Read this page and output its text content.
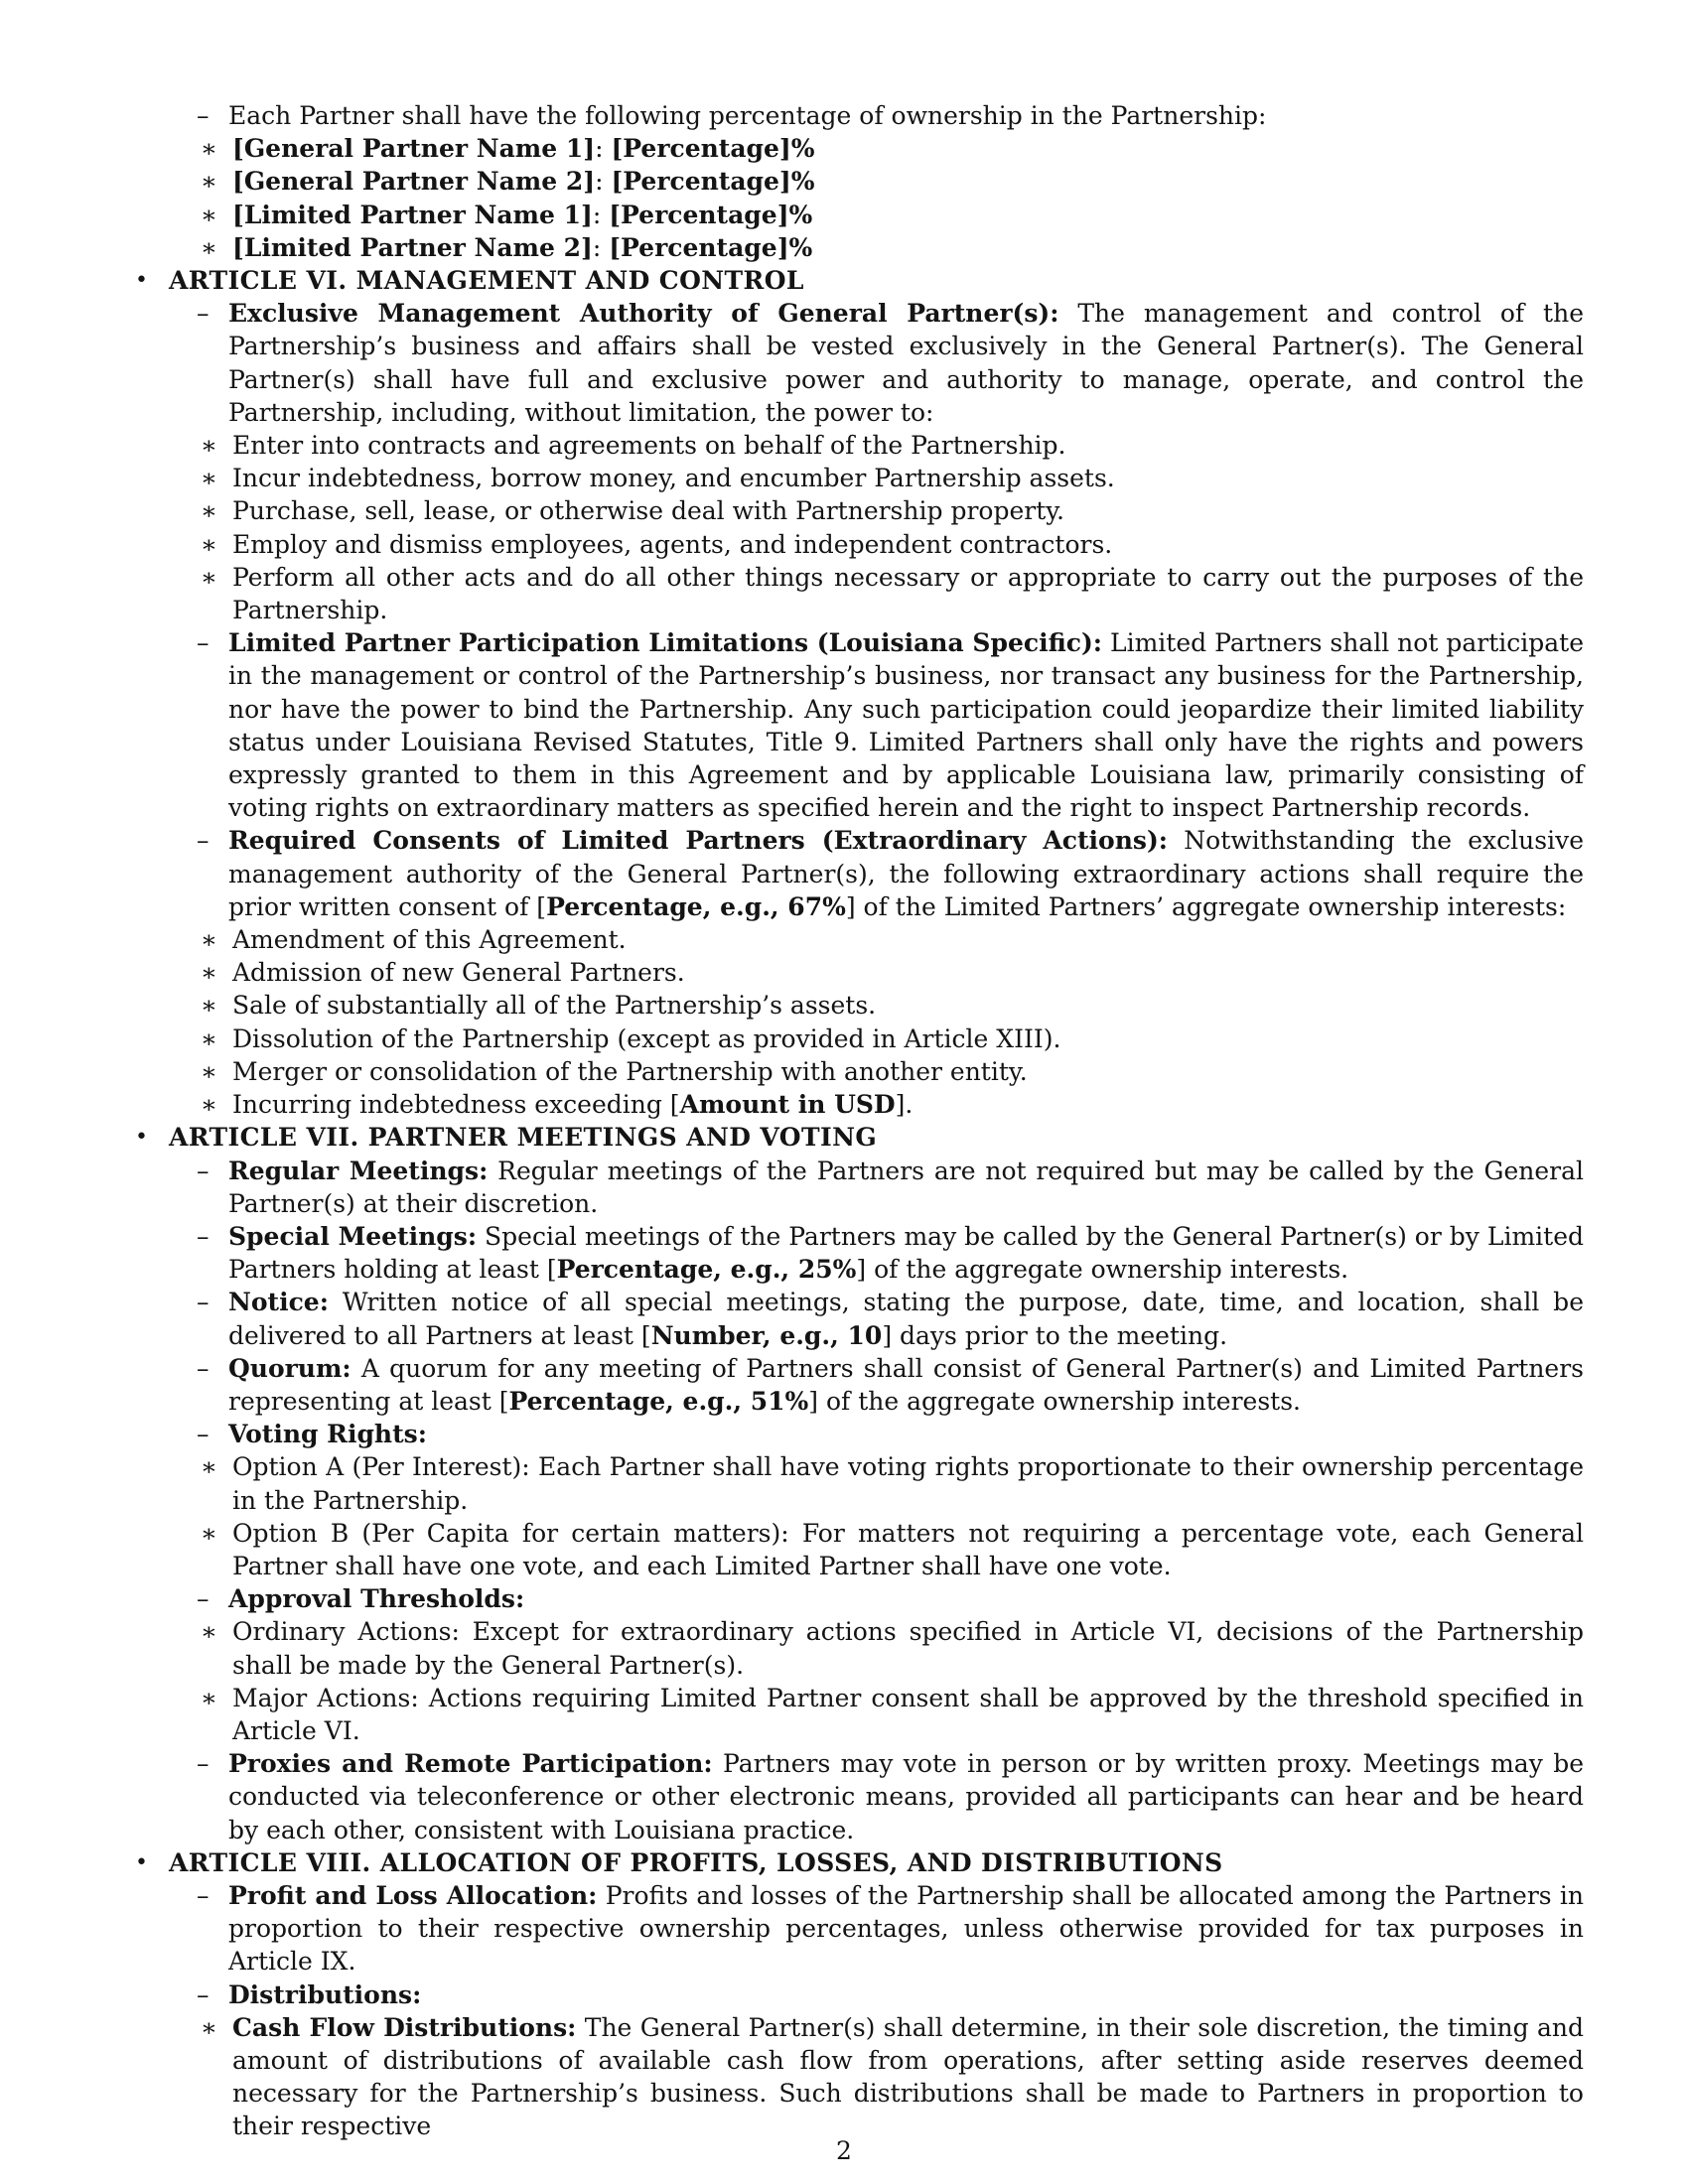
– Each Partner shall have the following percentage of ownership in the Partnership:
∗ [General Partner Name 1]: [Percentage]%
∗ [General Partner Name 2]: [Percentage]%
∗ [Limited Partner Name 1]: [Percentage]%
∗ [Limited Partner Name 2]: [Percentage]%
• ARTICLE VI. MANAGEMENT AND CONTROL
– Exclusive Management Authority of General Partner(s): The management and control of the Partnership’s business and affairs shall be vested exclusively in the General Partner(s). The General Partner(s) shall have full and exclusive power and authority to manage, operate, and control the Partnership, including, without limitation, the power to:
∗ Enter into contracts and agreements on behalf of the Partnership.
∗ Incur indebtedness, borrow money, and encumber Partnership assets.
∗ Purchase, sell, lease, or otherwise deal with Partnership property.
∗ Employ and dismiss employees, agents, and independent contractors.
∗ Perform all other acts and do all other things necessary or appropriate to carry out the purposes of the Partnership.
– Limited Partner Participation Limitations (Louisiana Specific): Limited Partners shall not participate in the management or control of the Partnership’s business, nor transact any business for the Partnership, nor have the power to bind the Partnership. Any such participation could jeopardize their limited liability status under Louisiana Revised Statutes, Title 9. Limited Partners shall only have the rights and powers expressly granted to them in this Agreement and by applicable Louisiana law, primarily consisting of voting rights on extraordinary matters as specified herein and the right to inspect Partnership records.
– Required Consents of Limited Partners (Extraordinary Actions): Notwithstanding the exclusive management authority of the General Partner(s), the following extraordinary actions shall require the prior written consent of [Percentage, e.g., 67%] of the Limited Partners’ aggregate ownership interests:
∗ Amendment of this Agreement.
∗ Admission of new General Partners.
∗ Sale of substantially all of the Partnership’s assets.
∗ Dissolution of the Partnership (except as provided in Article XIII).
∗ Merger or consolidation of the Partnership with another entity.
∗ Incurring indebtedness exceeding [Amount in USD].
• ARTICLE VII. PARTNER MEETINGS AND VOTING
– Regular Meetings: Regular meetings of the Partners are not required but may be called by the General Partner(s) at their discretion.
– Special Meetings: Special meetings of the Partners may be called by the General Partner(s) or by Limited Partners holding at least [Percentage, e.g., 25%] of the aggregate ownership interests.
– Notice: Written notice of all special meetings, stating the purpose, date, time, and location, shall be delivered to all Partners at least [Number, e.g., 10] days prior to the meeting.
– Quorum: A quorum for any meeting of Partners shall consist of General Partner(s) and Limited Partners representing at least [Percentage, e.g., 51%] of the aggregate ownership interests.
– Voting Rights:
∗ Option A (Per Interest): Each Partner shall have voting rights proportionate to their ownership percentage in the Partnership.
∗ Option B (Per Capita for certain matters): For matters not requiring a percentage vote, each General Partner shall have one vote, and each Limited Partner shall have one vote.
– Approval Thresholds:
∗ Ordinary Actions: Except for extraordinary actions specified in Article VI, decisions of the Partnership shall be made by the General Partner(s).
∗ Major Actions: Actions requiring Limited Partner consent shall be approved by the threshold specified in Article VI.
– Proxies and Remote Participation: Partners may vote in person or by written proxy. Meetings may be conducted via teleconference or other electronic means, provided all participants can hear and be heard by each other, consistent with Louisiana practice.
• ARTICLE VIII. ALLOCATION OF PROFITS, LOSSES, AND DISTRIBUTIONS
– Profit and Loss Allocation: Profits and losses of the Partnership shall be allocated among the Partners in proportion to their respective ownership percentages, unless otherwise provided for tax purposes in Article IX.
– Distributions:
∗ Cash Flow Distributions: The General Partner(s) shall determine, in their sole discretion, the timing and amount of distributions of available cash flow from operations, after setting aside reserves deemed necessary for the Partnership’s business. Such distributions shall be made to Partners in proportion to their respective
2
